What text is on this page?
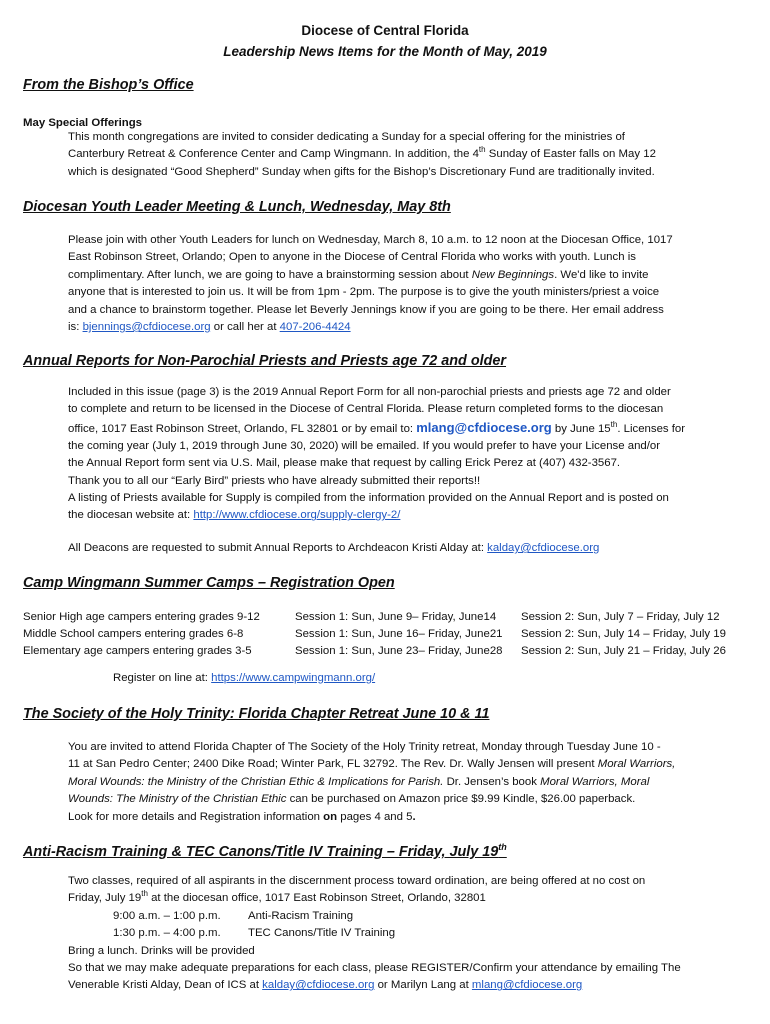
Diocese of Central Florida
Leadership News Items for the Month of May, 2019
From the Bishop’s Office
May Special Offerings
This month congregations are invited to consider dedicating a Sunday for a special offering for the ministries of
Canterbury Retreat & Conference Center and Camp Wingmann. In addition, the 4th Sunday of Easter falls on May 12
which is designated “Good Shepherd” Sunday when gifts for the Bishop’s Discretionary Fund are traditionally invited.
Diocesan Youth Leader Meeting & Lunch, Wednesday, May 8th
Please join with other Youth Leaders for lunch on Wednesday, March 8, 10 a.m. to 12 noon at the Diocesan Office, 1017
East Robinson Street, Orlando; Open to anyone in the Diocese of Central Florida who works with youth. Lunch is
complimentary. After lunch, we are going to have a brainstorming session about New Beginnings. We'd like to invite
anyone that is interested to join us. It will be from 1pm - 2pm. The purpose is to give the youth ministers/priest a voice
and a chance to brainstorm together. Please let Beverly Jennings know if you are going to be there. Her email address
is: bjennings@cfdiocese.org or call her at 407-206-4424
Annual Reports for Non-Parochial Priests and Priests age 72 and older
Included in this issue (page 3) is the 2019 Annual Report Form for all non-parochial priests and priests age 72 and older
to complete and return to be licensed in the Diocese of Central Florida. Please return completed forms to the diocesan
office, 1017 East Robinson Street, Orlando, FL 32801 or by email to: mlang@cfdiocese.org by June 15th. Licenses for
the coming year (July 1, 2019 through June 30, 2020) will be emailed. If you would prefer to have your License and/or
the Annual Report form sent via U.S. Mail, please make that request by calling Erick Perez at (407) 432-3567.
Thank you to all our “Early Bird” priests who have already submitted their reports!!
A listing of Priests available for Supply is compiled from the information provided on the Annual Report and is posted on
the diocesan website at: http://www.cfdiocese.org/supply-clergy-2/
All Deacons are requested to submit Annual Reports to Archdeacon Kristi Alday at: kalday@cfdiocese.org
Camp Wingmann Summer Camps – Registration Open
Senior High age campers entering grades 9-12	Session 1: Sun, June 9– Friday, June14 Session 2: Sun, July 7 – Friday, July 12
Middle School campers entering grades 6-8	Session 1: Sun, June 16– Friday, June21 Session 2: Sun, July 14 – Friday, July 19
Elementary age campers entering grades 3-5	Session 1: Sun, June 23– Friday, June28 Session 2: Sun, July 21 – Friday, July 26
Register on line at: https://www.campwingmann.org/
The Society of the Holy Trinity: Florida Chapter Retreat June 10 & 11
You are invited to attend Florida Chapter of The Society of the Holy Trinity retreat, Monday through Tuesday June 10 -
11 at San Pedro Center; 2400 Dike Road; Winter Park, FL 32792. The Rev. Dr. Wally Jensen will present Moral Warriors,
Moral Wounds: the Ministry of the Christian Ethic & Implications for Parish. Dr. Jensen’s book Moral Warriors, Moral
Wounds: The Ministry of the Christian Ethic can be purchased on Amazon price $9.99 Kindle, $26.00 paperback.
Look for more details and Registration information on pages 4 and 5.
Anti-Racism Training & TEC Canons/Title IV Training – Friday, July 19th
Two classes, required of all aspirants in the discernment process toward ordination, are being offered at no cost on
Friday, July 19th at the diocesan office, 1017 East Robinson Street, Orlando, 32801
9:00 a.m. – 1:00 p.m. Anti-Racism Training
1:30 p.m. – 4:00 p.m. TEC Canons/Title IV Training
Bring a lunch. Drinks will be provided
So that we may make adequate preparations for each class, please REGISTER/Confirm your attendance by emailing The
Venerable Kristi Alday, Dean of ICS at kalday@cfdiocese.org or Marilyn Lang at mlang@cfdiocese.org
